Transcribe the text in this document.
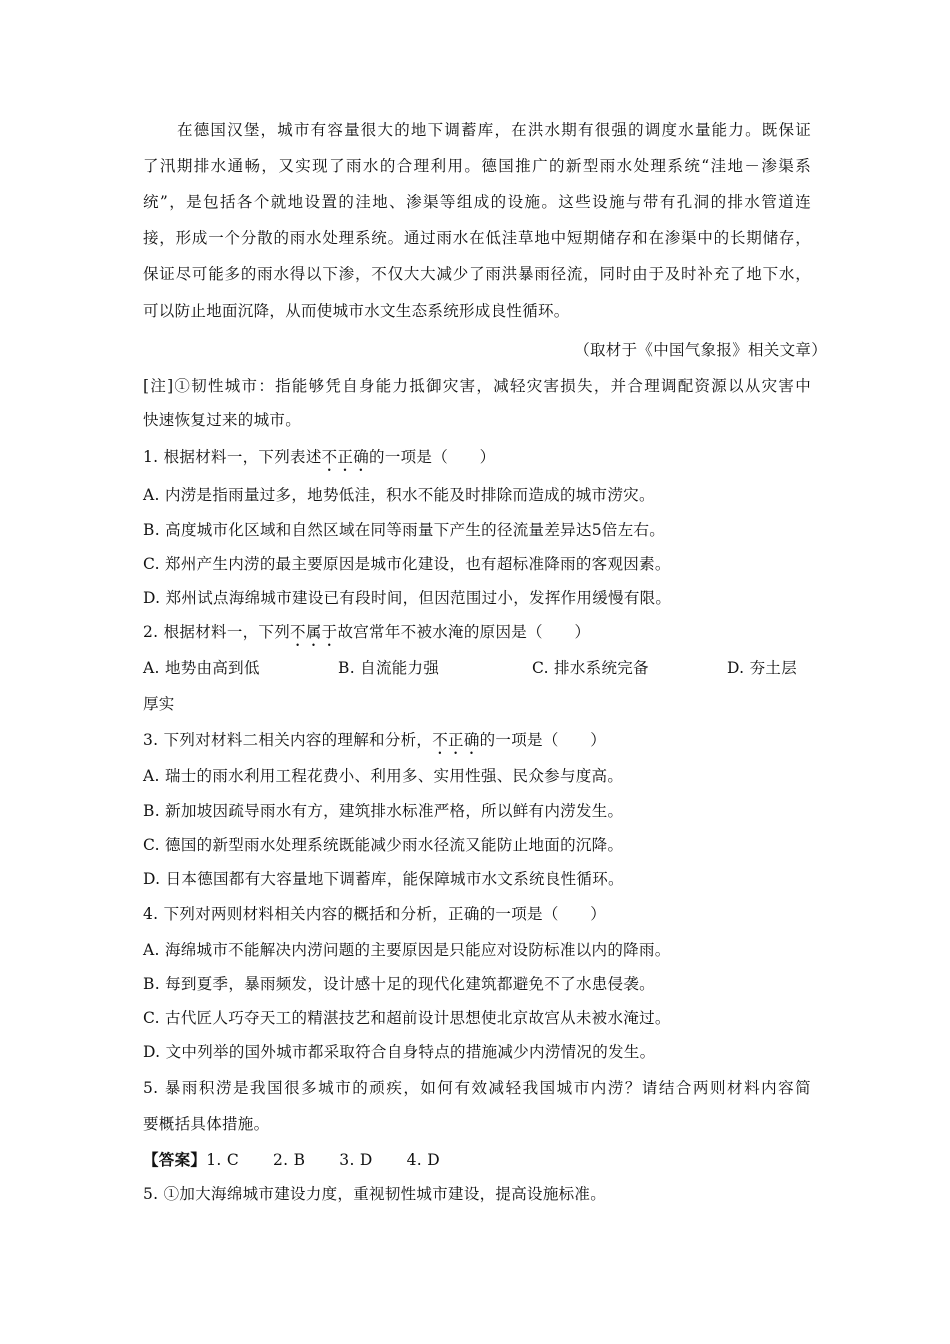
在德国汉堡，城市有容量很大的地下调蓄库，在洪水期有很强的调度水量能力。既保证
了汛期排水通畅，又实现了雨水的合理利用。德国推广的新型雨水处理系统“洼地－渗渠系
统”，是包括各个就地设置的洼地、渗渠等组成的设施。这些设施与带有孔洞的排水管道连
接，形成一个分散的雨水处理系统。通过雨水在低洼草地中短期储存和在渗渠中的长期储存，
保证尽可能多的雨水得以下渗，不仅大大减少了雨洪暴雨径流，同时由于及时补充了地下水，
可以防止地面沉降，从而使城市水文生态系统形成良性循环。
（取材于《中国气象报》相关文章）
[注]①韧性城市：指能够凭自身能力抵御灾害，减轻灾害损失，并合理调配资源以从灾害中
快速恢复过来的城市。
1. 根据材料一，下列表述不正确的一项是（　　）
A. 内涝是指雨量过多，地势低洼，积水不能及时排除而造成的城市涝灾。
B. 高度城市化区域和自然区域在同等雨量下产生的径流量差异达5倍左右。
C. 郑州产生内涝的最主要原因是城市化建设，也有超标准降雨的客观因素。
D. 郑州试点海绵城市建设已有段时间，但因范围过小，发挥作用缓慢有限。
2. 根据材料一，下列不属于故宫常年不被水淹的原因是（　　）
A. 地势由高到低	B. 自流能力强	C. 排水系统完备	D. 夯土层
厚实
3. 下列对材料二相关内容的理解和分析，不正确的一项是（　　）
A. 瑞士的雨水利用工程花费小、利用多、实用性强、民众参与度高。
B. 新加坡因疏导雨水有方，建筑排水标准严格，所以鲜有内涝发生。
C. 德国的新型雨水处理系统既能减少雨水径流又能防止地面的沉降。
D. 日本德国都有大容量地下调蓄库，能保障城市水文系统良性循环。
4. 下列对两则材料相关内容的概括和分析，正确的一项是（　　）
A. 海绵城市不能解决内涝问题的主要原因是只能应对设防标准以内的降雨。
B. 每到夏季，暴雨频发，设计感十足的现代化建筑都避免不了水患侵袭。
C. 古代匠人巧夺天工的精湛技艺和超前设计思想使北京故宫从未被水淹过。
D. 文中列举的国外城市都采取符合自身特点的措施减少内涝情况的发生。
5. 暴雨积涝是我国很多城市的顽疾，如何有效减轻我国城市内涝？请结合两则材料内容简
要概括具体措施。
【答案】1. C 2. B 3. D 4. D
5. ①加大海绵城市建设力度，重视韧性城市建设，提高设施标准。
